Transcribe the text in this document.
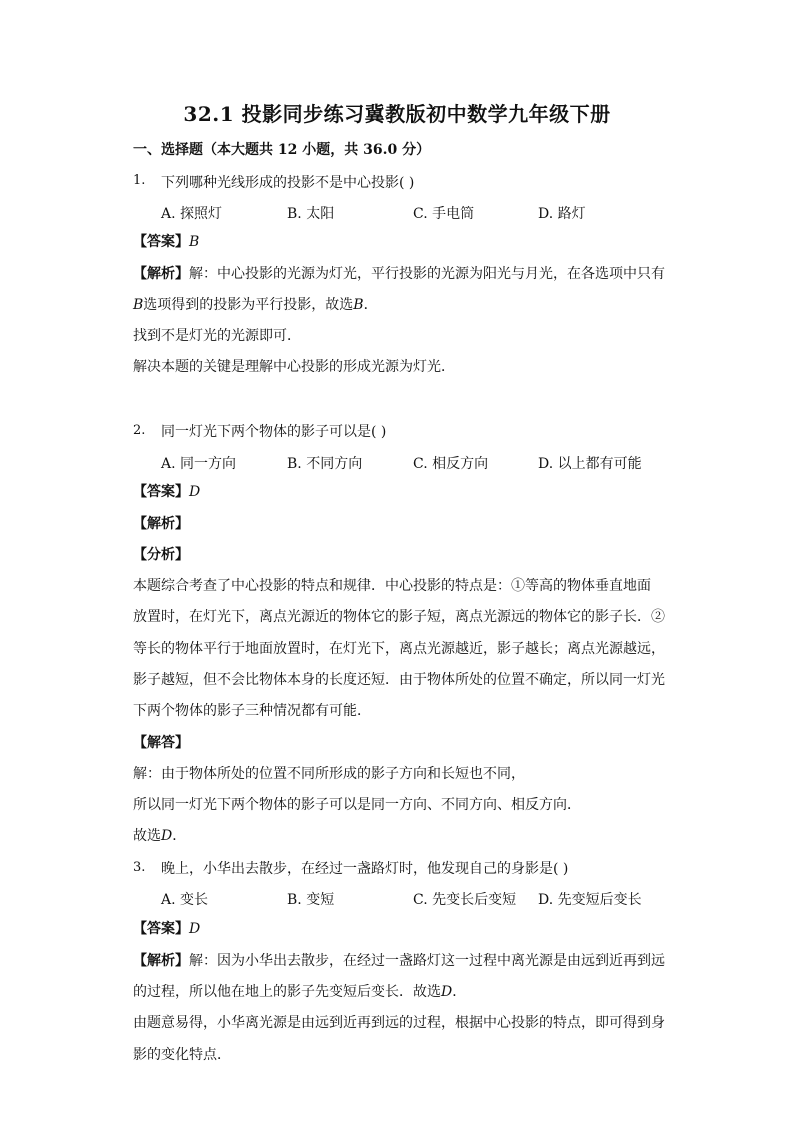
32.1 投影同步练习冀教版初中数学九年级下册
一、选择题（本大题共 12 小题，共 36.0 分）
1. 下列哪种光线形成的投影不是中心投影( )
A. 探照灯	B. 太阳	C. 手电筒	D. 路灯
【答案】B
【解析】解：中心投影的光源为灯光，平行投影的光源为阳光与月光，在各选项中只有
B选项得到的投影为平行投影，故选B．
找到不是灯光的光源即可．
解决本题的关键是理解中心投影的形成光源为灯光．
2. 同一灯光下两个物体的影子可以是( )
A. 同一方向	B. 不同方向	C. 相反方向	D. 以上都有可能
【答案】D
【解析】
【分析】
本题综合考查了中心投影的特点和规律．中心投影的特点是：①等高的物体垂直地面
放置时，在灯光下，离点光源近的物体它的影子短，离点光源远的物体它的影子长．②
等长的物体平行于地面放置时，在灯光下，离点光源越近，影子越长；离点光源越远，
影子越短，但不会比物体本身的长度还短．由于物体所处的位置不确定，所以同一灯光
下两个物体的影子三种情况都有可能．
【解答】
解：由于物体所处的位置不同所形成的影子方向和长短也不同，
所以同一灯光下两个物体的影子可以是同一方向、不同方向、相反方向．
故选D．
3. 晚上，小华出去散步，在经过一盏路灯时，他发现自己的身影是( )
A. 变长	B. 变短	C. 先变长后变短 D. 先变短后变长
【答案】D
【解析】解：因为小华出去散步，在经过一盏路灯这一过程中离光源是由远到近再到远
的过程，所以他在地上的影子先变短后变长．故选D．
由题意易得，小华离光源是由远到近再到远的过程，根据中心投影的特点，即可得到身
影的变化特点．
